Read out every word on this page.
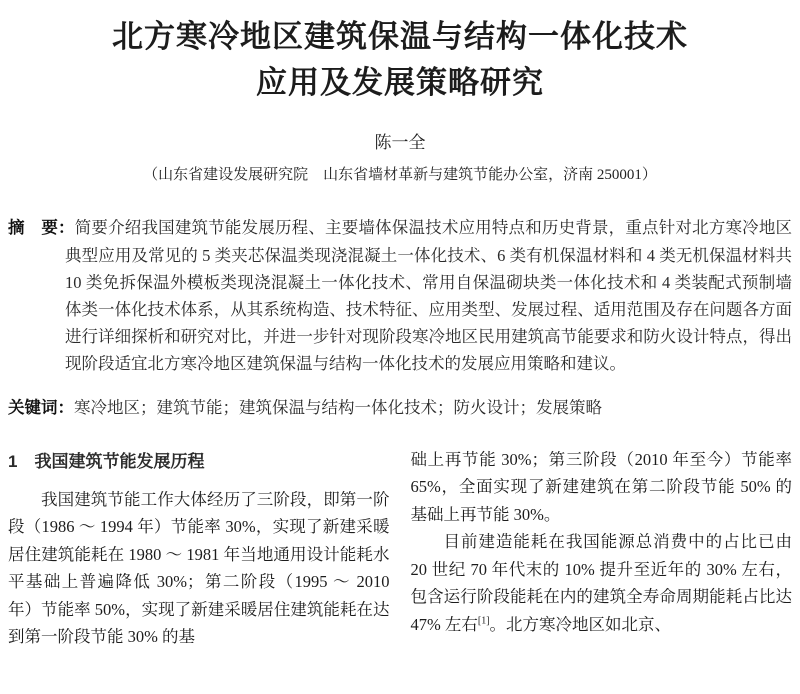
北方寒冷地区建筑保温与结构一体化技术
应用及发展策略研究
陈一全
（山东省建设发展研究院　山东省墙材革新与建筑节能办公室，济南 250001）

摘　要：简要介绍我国建筑节能发展历程、主要墙体保温技术应用特点和历史背景，重点针对北方寒冷地区典型应用及常见的 5 类夹芯保温类现浇混凝土一体化技术、6 类有机保温材料和 4 类无机保温材料共 10 类免拆保温外模板类现浇混凝土一体化技术、常用自保温砌块类一体化技术和 4 类装配式预制墙体类一体化技术体系，从其系统构造、技术特征、应用类型、发展过程、适用范围及存在问题各方面进行详细探析和研究对比，并进一步针对现阶段寒冷地区民用建筑高节能要求和防火设计特点，得出现阶段适宜北方寒冷地区建筑保温与结构一体化技术的发展应用策略和建议。

关键词：寒冷地区；建筑节能；建筑保温与结构一体化技术；防火设计；发展策略

1　我国建筑节能发展历程

我国建筑节能工作大体经历了三阶段，即第一阶段（1986 ～ 1994 年）节能率 30%，实现了新建采暖居住建筑能耗在 1980 ～ 1981 年当地通用设计能耗水平基础上普遍降低 30%；第二阶段（1995 ～ 2010 年）节能率 50%，实现了新建采暖居住建筑能耗在达到第一阶段节能 30% 的基

础上再节能 30%；第三阶段（2010 年至今）节能率 65%，全面实现了新建建筑在第二阶段节能 50% 的基础上再节能 30%。

目前建造能耗在我国能源总消费中的占比已由 20 世纪 70 年代末的 10% 提升至近年的 30% 左右，包含运行阶段能耗在内的建筑全寿命周期能耗占比达 47% 左右[1]。北方寒冷地区如北京、
